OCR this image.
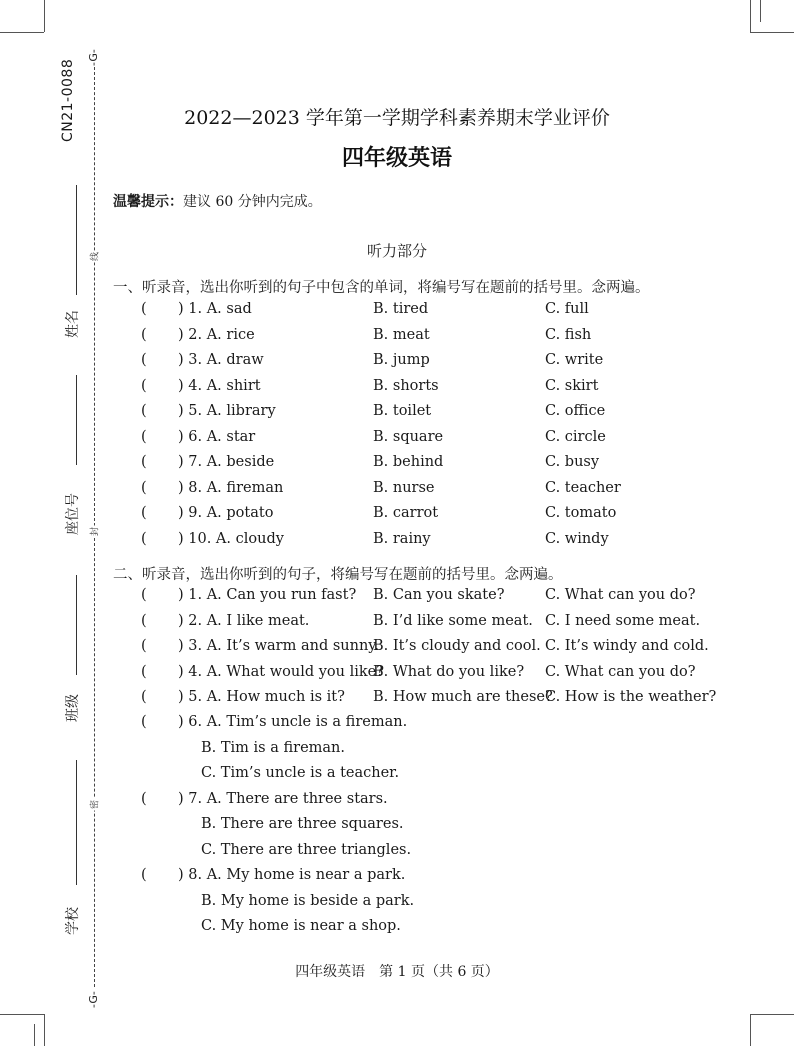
CN21-0088
姓名
座位号
班级
学校
-G-
-G-
线
封
密
2022—2023 学年第一学期学科素养期末学业评价
四年级英语
温馨提示：建议 60 分钟内完成。
听力部分
一、听录音，选出你听到的句子中包含的单词，将编号写在题前的括号里。念两遍。
( ) 1. A. sad	B. tired	C. full
( ) 2. A. rice	B. meat	C. fish
( ) 3. A. draw	B. jump	C. write
( ) 4. A. shirt	B. shorts	C. skirt
( ) 5. A. library	B. toilet	C. office
( ) 6. A. star	B. square	C. circle
( ) 7. A. beside	B. behind	C. busy
( ) 8. A. fireman	B. nurse	C. teacher
( ) 9. A. potato	B. carrot	C. tomato
( ) 10. A. cloudy	B. rainy	C. windy
二、听录音，选出你听到的句子，将编号写在题前的括号里。念两遍。
( ) 1. A. Can you run fast? B. Can you skate?	C. What can you do?
( ) 2. A. I like meat.	B. I’d like some meat. C. I need some meat.
( ) 3. A. It’s warm and sunny.
B. It’s cloudy and cool. C. It’s windy and cold.
( ) 4. A. What would you like?
B. What do you like? C. What can you do?
( ) 5. A. How much is it? B. How much are these?
C. How is the weather?
( ) 6. A. Tim’s uncle is a fireman.
B. Tim is a fireman.
C. Tim’s uncle is a teacher.
( ) 7. A. There are three stars.
B. There are three squares.
C. There are three triangles.
( ) 8. A. My home is near a park.
B. My home is beside a park.
C. My home is near a shop.
四年级英语　第 1 页（共 6 页）
